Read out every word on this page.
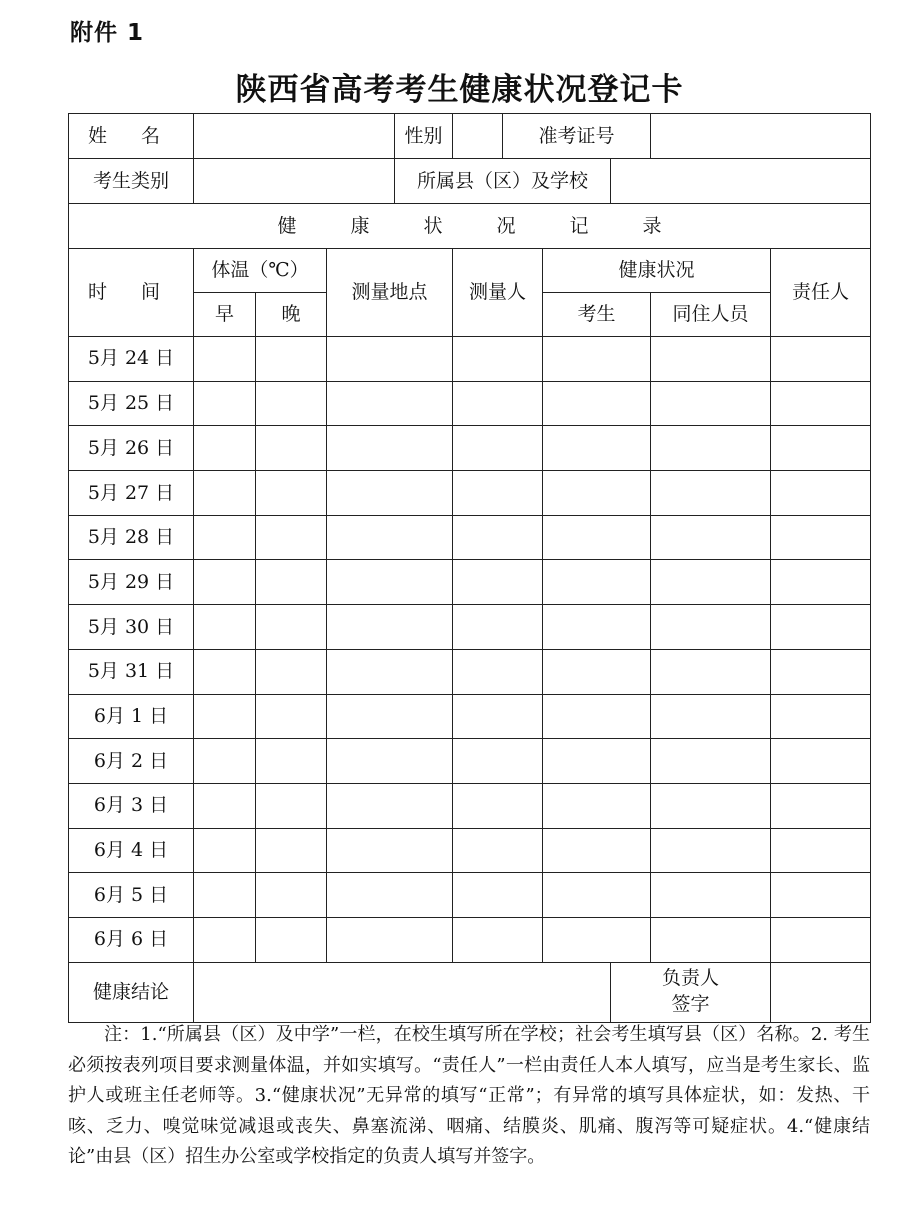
附件 1
陕西省高考考生健康状况登记卡
姓 名				性别		准考证号				
考生类别				所属县（区）及学校						
健 康 状 况 记 录										
时 间	体温（℃）		测量地点		测量人		健康状况			责任人
	早	晚					考生		同住人员	
5月 24 日										
5月 25 日										
5月 26 日										
5月 27 日										
5月 28 日										
5月 29 日										
5月 30 日										
5月 31 日										
6月 1 日										
6月 2 日										
6月 3 日										
6月 4 日										
6月 5 日										
6月 6 日										
健康结论								负责人
签字		

注：1.“所属县（区）及中学”一栏，在校生填写所在学校；社会考生填写县（区）名称。2. 考生必须按表列项目要求测量体温，并如实填写。“责任人”一栏由责任人本人填写，应当是考生家长、监护人或班主任老师等。3.“健康状况”无异常的填写“正常”；有异常的填写具体症状，如：发热、干咳、乏力、嗅觉味觉减退或丧失、鼻塞流涕、咽痛、结膜炎、肌痛、腹泻等可疑症状。4.“健康结论”由县（区）招生办公室或学校指定的负责人填写并签字。
